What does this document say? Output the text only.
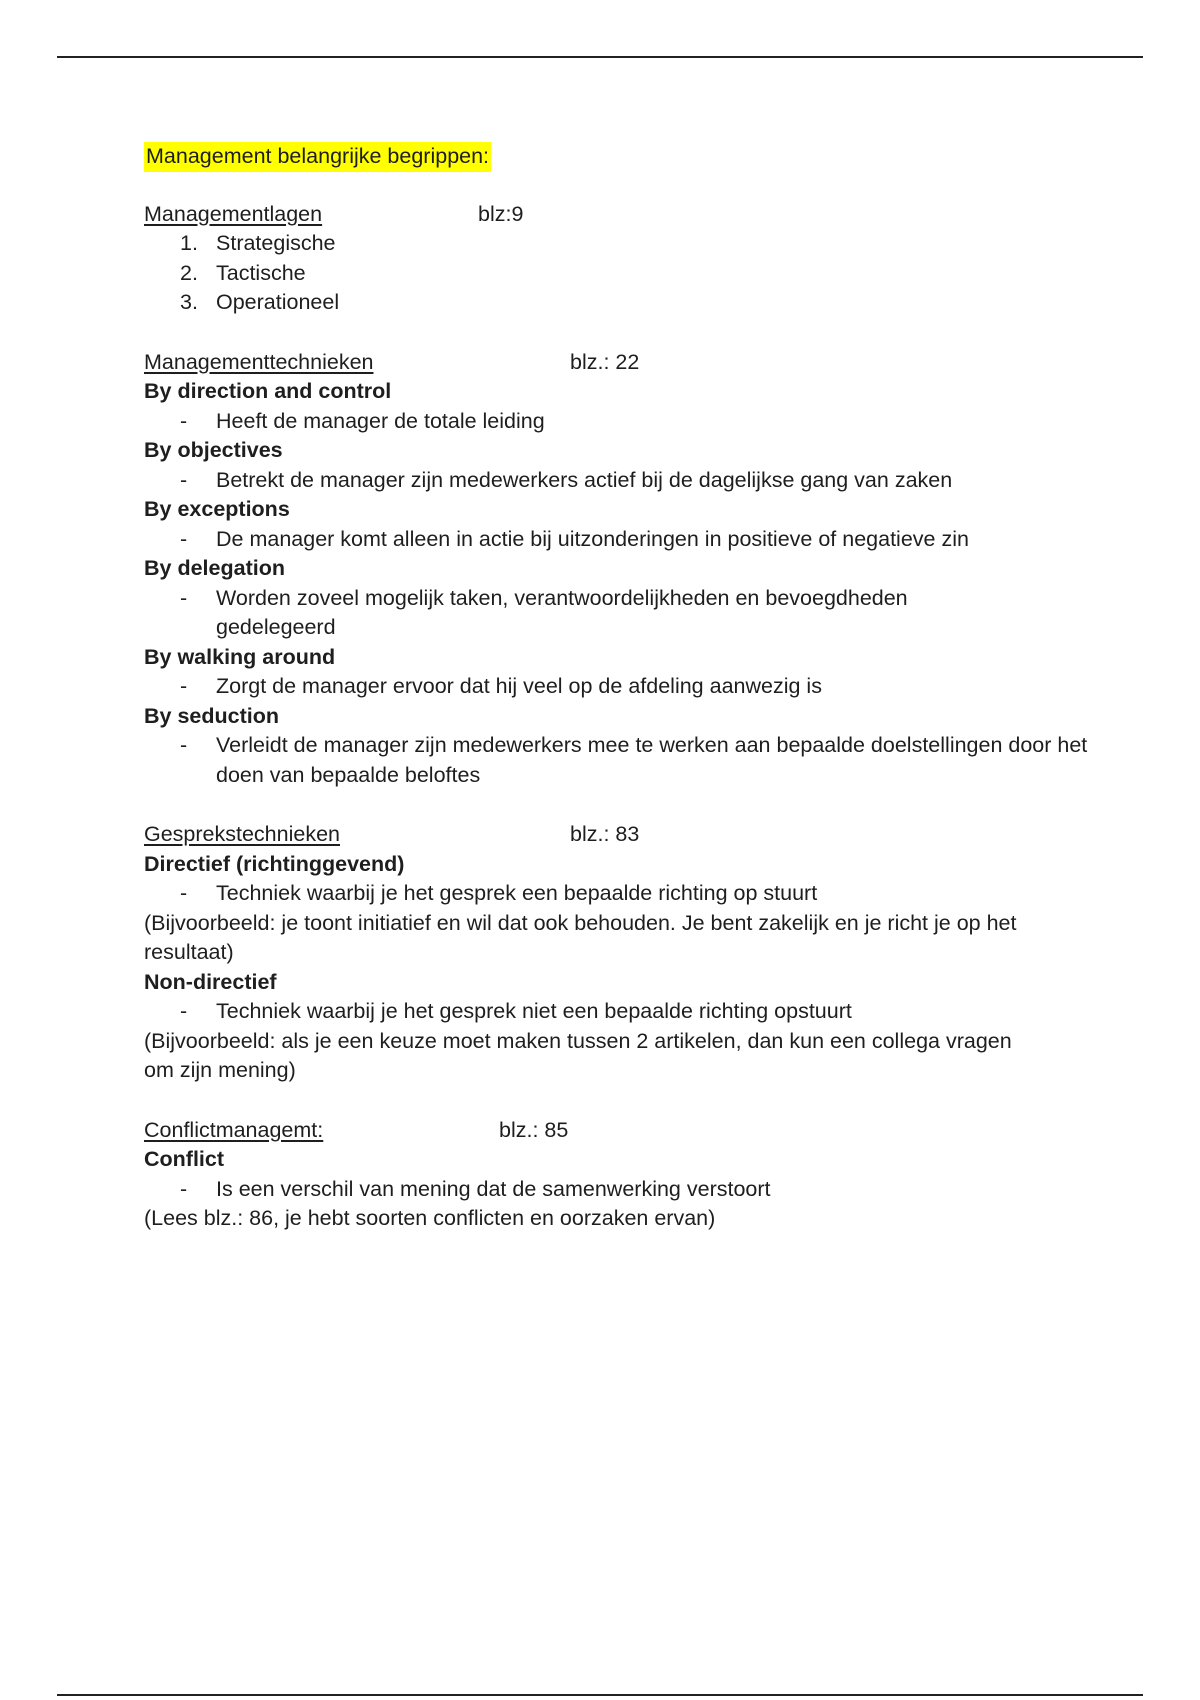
Management belangrijke begrippen:
Managementlagen	blz:9
1. Strategische
2. Tactische
3. Operationeel
Managementtechnieken	blz.: 22
By direction and control
- Heeft de manager de totale leiding
By objectives
- Betrekt de manager zijn medewerkers actief bij de dagelijkse gang van zaken
By exceptions
- De manager komt alleen in actie bij uitzonderingen in positieve of negatieve zin
By delegation
- Worden zoveel mogelijk taken, verantwoordelijkheden en bevoegdheden gedelegeerd
By walking around
- Zorgt de manager ervoor dat hij veel op de afdeling aanwezig is
By seduction
- Verleidt de manager zijn medewerkers mee te werken aan bepaalde doelstellingen door het doen van bepaalde beloftes
Gesprekstechnieken	blz.: 83
Directief (richtinggevend)
- Techniek waarbij je het gesprek een bepaalde richting op stuurt
(Bijvoorbeeld: je toont initiatief en wil dat ook behouden. Je bent zakelijk en je richt je op het resultaat)
Non-directief
- Techniek waarbij je het gesprek niet een bepaalde richting opstuurt
(Bijvoorbeeld: als je een keuze moet maken tussen 2 artikelen, dan kun een collega vragen om zijn mening)
Conflictmanagemt:	blz.: 85
Conflict
- Is een verschil van mening dat de samenwerking verstoort
(Lees blz.: 86, je hebt soorten conflicten en oorzaken ervan)
